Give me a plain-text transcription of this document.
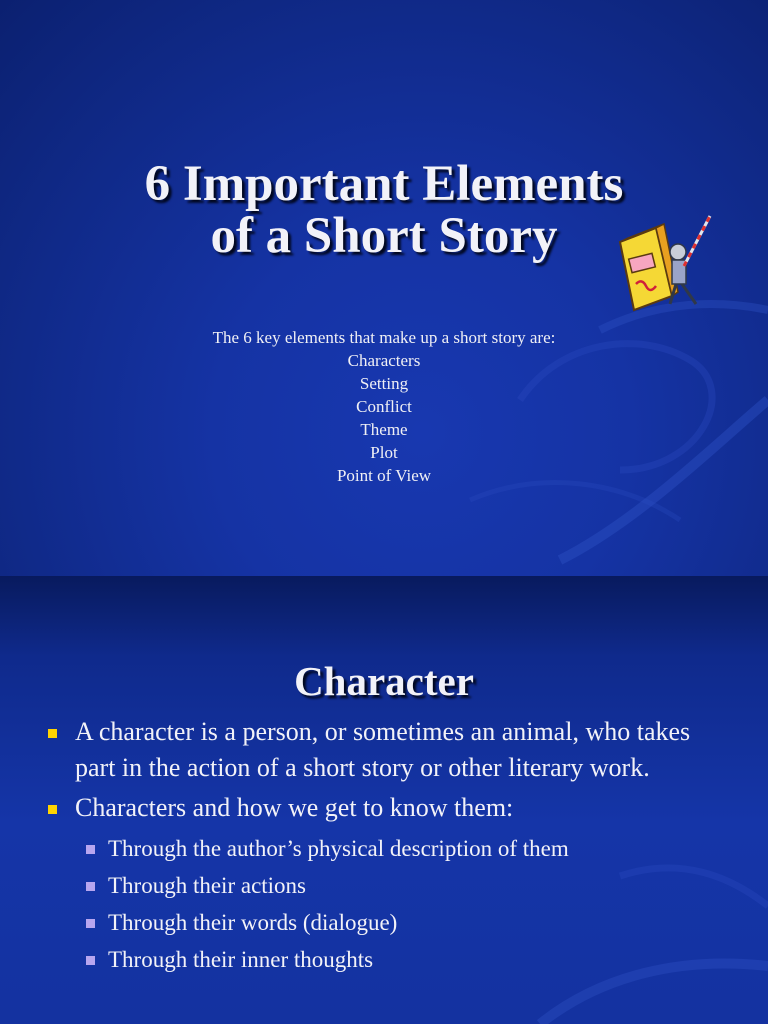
6 Important Elements
of a Short Story
The 6 key elements that make up a short story are:
Characters
Setting
Conflict
Theme
Plot
Point of View
Character
A character is a person, or sometimes an animal, who takes part in the action of a short story or other literary work.
Characters and how we get to know them:
Through the author’s physical description of them
Through their actions
Through their words (dialogue)
Through their inner thoughts
